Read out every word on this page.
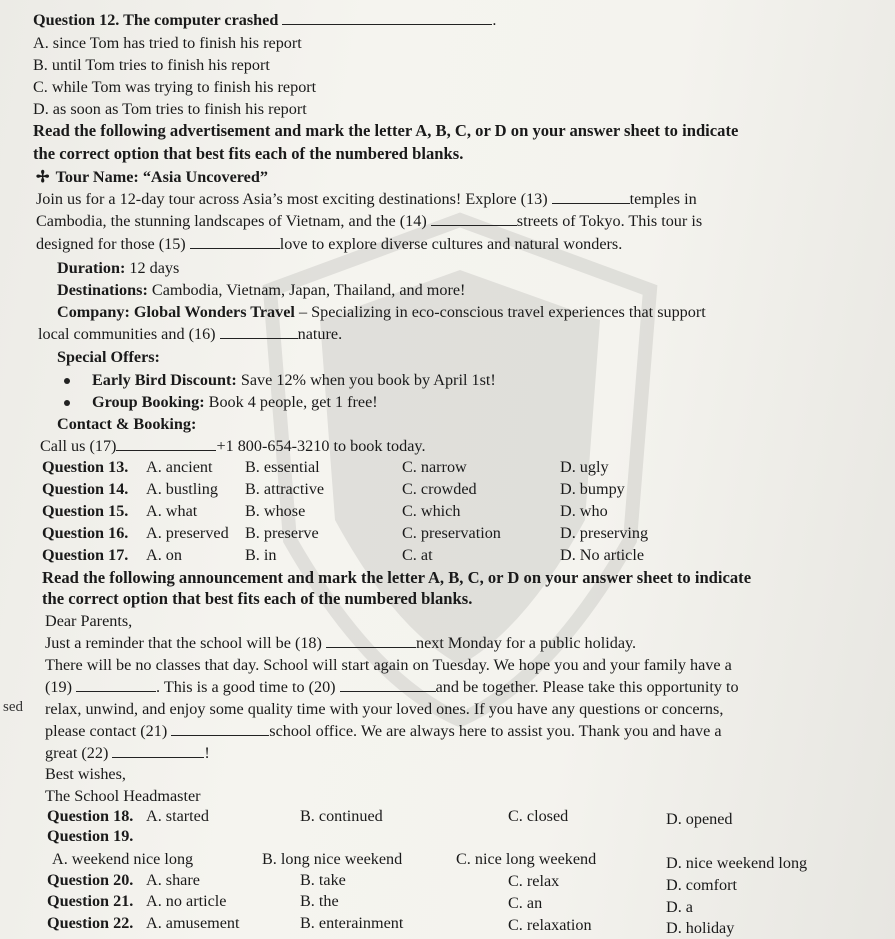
Question 12. The computer crashed	.
A. since Tom has tried to finish his report
B. until Tom tries to finish his report
C. while Tom was trying to finish his report
D. as soon as Tom tries to finish his report
Read the following advertisement and mark the letter A, B, C, or D on your answer sheet to indicate
the correct option that best fits each of the numbered blanks.
✢ Tour Name: “Asia Uncovered”
Join us for a 12-day tour across Asia’s most exciting destinations! Explore (13)	temples in
Cambodia, the stunning landscapes of Vietnam, and the (14)	streets of Tokyo. This tour is
designed for those (15)	love to explore diverse cultures and natural wonders.
Duration: 12 days
Destinations: Cambodia, Vietnam, Japan, Thailand, and more!
Company: Global Wonders Travel – Specializing in eco-conscious travel experiences that support
local communities and (16)	nature.
Special Offers:
Early Bird Discount: Save 12% when you book by April 1st!
Group Booking: Book 4 people, get 1 free!
Contact & Booking:
Call us (17)	+1 800-654-3210 to book today.
Question 13. A. ancient B. essential	C. narrow	D. ugly
Question 14. A. bustling B. attractive	C. crowded	D. bumpy
Question 15. A. what	B. whose	C. which	D. who
Question 16. A. preserved B. preserve	C. preservation	D. preserving
Question 17. A. on	B. in	C. at	D. No article
Read the following announcement and mark the letter A, B, C, or D on your answer sheet to indicate
the correct option that best fits each of the numbered blanks.
Dear Parents,
Just a reminder that the school will be (18)	next Monday for a public holiday.
There will be no classes that day. School will start again on Tuesday. We hope you and your family have a
(19)	. This is a good time to (20)	and be together. Please take this opportunity to
relax, unwind, and enjoy some quality time with your loved ones. If you have any questions or concerns,
please contact (21)	school office. We are always here to assist you. Thank you and have a
great (22)	!
Best wishes,
The School Headmaster
Question 18. A. started	B. continued	C. closed	D. opened
Question 19.
A. weekend nice long	B. long nice weekend	C. nice long weekend	D. nice weekend long
Question 20. A. share	B. take	C. relax	D. comfort
Question 21. A. no article	B. the	C. an	D. a
Question 22. A. amusement	B. enterainment	C. relaxation	D. holiday
sed
